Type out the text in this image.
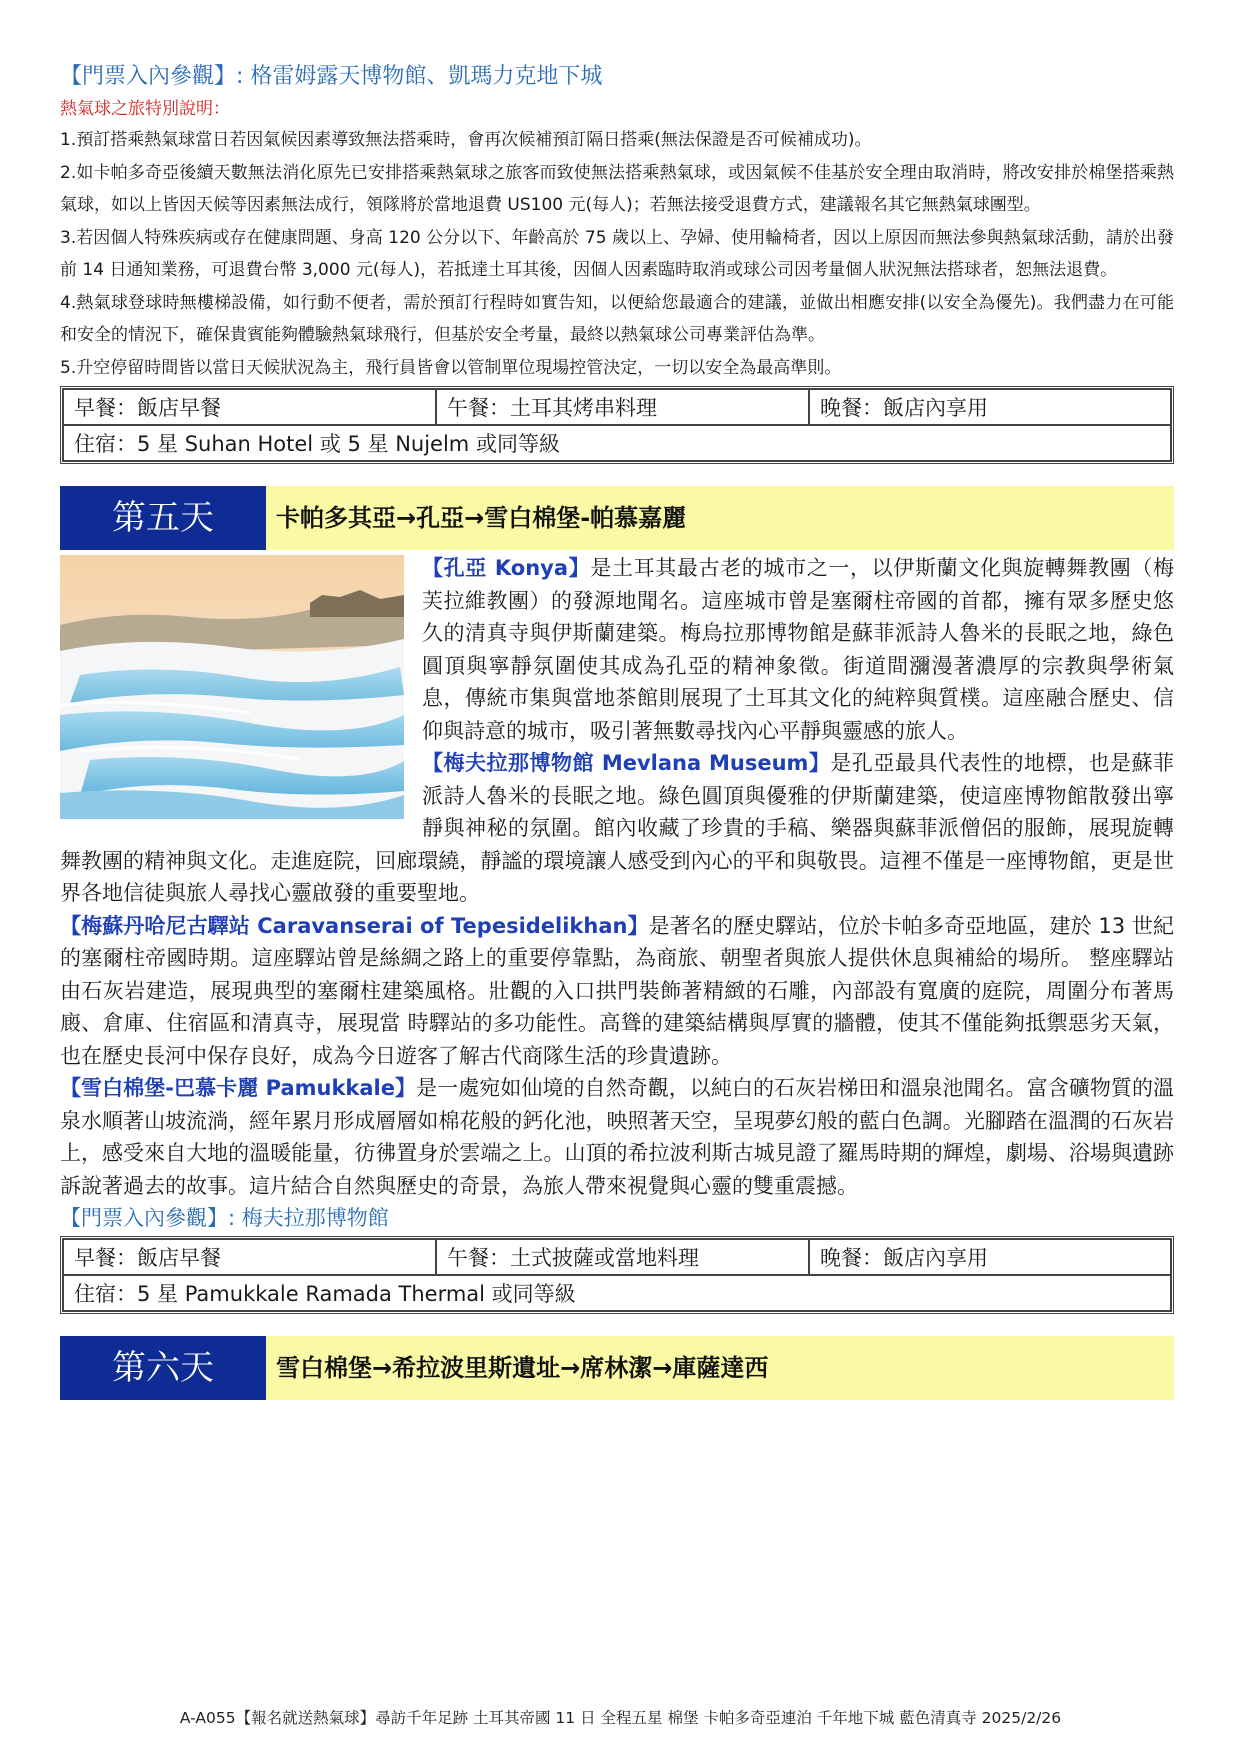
【門票入內參觀】: 格雷姆露天博物館、凱瑪力克地下城
熱氣球之旅特別說明：

1.預訂搭乘熱氣球當日若因氣候因素導致無法搭乘時，會再次候補預訂隔日搭乘(無法保證是否可候補成功)。

2.如卡帕多奇亞後續天數無法消化原先已安排搭乘熱氣球之旅客而致使無法搭乘熱氣球，或因氣候不佳基於安全理由取消時，將改安排於棉堡搭乘熱氣球，如以上皆因天候等因素無法成行，領隊將於當地退費 US100 元(每人)；若無法接受退費方式，建議報名其它無熱氣球團型。

3.若因個人特殊疾病或存在健康問題、身高 120 公分以下、年齡高於 75 歲以上、孕婦、使用輪椅者，因以上原因而無法參與熱氣球活動，請於出發前 14 日通知業務，可退費台幣 3,000 元(每人)，若抵達土耳其後，因個人因素臨時取消或球公司因考量個人狀況無法搭球者，恕無法退費。

4.熱氣球登球時無樓梯設備，如行動不便者，需於預訂行程時如實告知，以便給您最適合的建議，並做出相應安排(以安全為優先)。我們盡力在可能和安全的情況下，確保貴賓能夠體驗熱氣球飛行，但基於安全考量，最終以熱氣球公司專業評估為準。

5.升空停留時間皆以當日天候狀況為主，飛行員皆會以管制單位現場控管決定，一切以安全為最高準則。

早餐：飯店早餐	午餐：土耳其烤串料理	晚餐：飯店內享用
住宿：5 星 Suhan Hotel 或 5 星 Nujelm 或同等級
第五天	卡帕多其亞→孔亞→雪白棉堡-帕慕嘉麗

【孔亞 Konya】是土耳其最古老的城市之一，以伊斯蘭文化與旋轉舞教團（梅芙拉維教團）的發源地聞名。這座城市曾是塞爾柱帝國的首都，擁有眾多歷史悠久的清真寺與伊斯蘭建築。梅烏拉那博物館是蘇菲派詩人魯米的長眠之地，綠色圓頂與寧靜氛圍使其成為孔亞的精神象徵。街道間瀰漫著濃厚的宗教與學術氣息，傳統市集與當地茶館則展現了土耳其文化的純粹與質樸。這座融合歷史、信仰與詩意的城市，吸引著無數尋找內心平靜與靈感的旅人。

【梅夫拉那博物館 Mevlana Museum】是孔亞最具代表性的地標，也是蘇菲派詩人魯米的長眠之地。綠色圓頂與優雅的伊斯蘭建築，使這座博物館散發出寧靜與神秘的氛圍。館內收藏了珍貴的手稿、樂器與蘇菲派僧侶的服飾，展現旋轉舞教團的精神與文化。走進庭院，回廊環繞，靜謐的環境讓人感受到內心的平和與敬畏。這裡不僅是一座博物館，更是世界各地信徒與旅人尋找心靈啟發的重要聖地。

【梅蘇丹哈尼古驛站 Caravanserai of Tepesidelikhan】是著名的歷史驛站，位於卡帕多奇亞地區，建於 13 世紀的塞爾柱帝國時期。這座驛站曾是絲綢之路上的重要停靠點，為商旅、朝聖者與旅人提供休息與補給的場所。 整座驛站由石灰岩建造，展現典型的塞爾柱建築風格。壯觀的入口拱門裝飾著精緻的石雕，內部設有寬廣的庭院，周圍分布著馬廄、倉庫、住宿區和清真寺，展現當 時驛站的多功能性。高聳的建築結構與厚實的牆體，使其不僅能夠抵禦惡劣天氣，也在歷史長河中保存良好，成為今日遊客了解古代商隊生活的珍貴遺跡。

【雪白棉堡-巴慕卡麗 Pamukkale】是一處宛如仙境的自然奇觀，以純白的石灰岩梯田和溫泉池聞名。富含礦物質的溫泉水順著山坡流淌，經年累月形成層層如棉花般的鈣化池，映照著天空，呈現夢幻般的藍白色調。光腳踏在溫潤的石灰岩上，感受來自大地的溫暖能量，彷彿置身於雲端之上。山頂的希拉波利斯古城見證了羅馬時期的輝煌，劇場、浴場與遺跡訴說著過去的故事。這片結合自然與歷史的奇景，為旅人帶來視覺與心靈的雙重震撼。

【門票入內參觀】: 梅夫拉那博物館
早餐：飯店早餐	午餐：土式披薩或當地料理	晚餐：飯店內享用
住宿：5 星 Pamukkale Ramada Thermal 或同等級
第六天	雪白棉堡→希拉波里斯遺址→席林潔→庫薩達西
A-A055【報名就送熱氣球】尋訪千年足跡 土耳其帝國 11 日 全程五星 棉堡 卡帕多奇亞連泊 千年地下城 藍色清真寺 2025/2/26
